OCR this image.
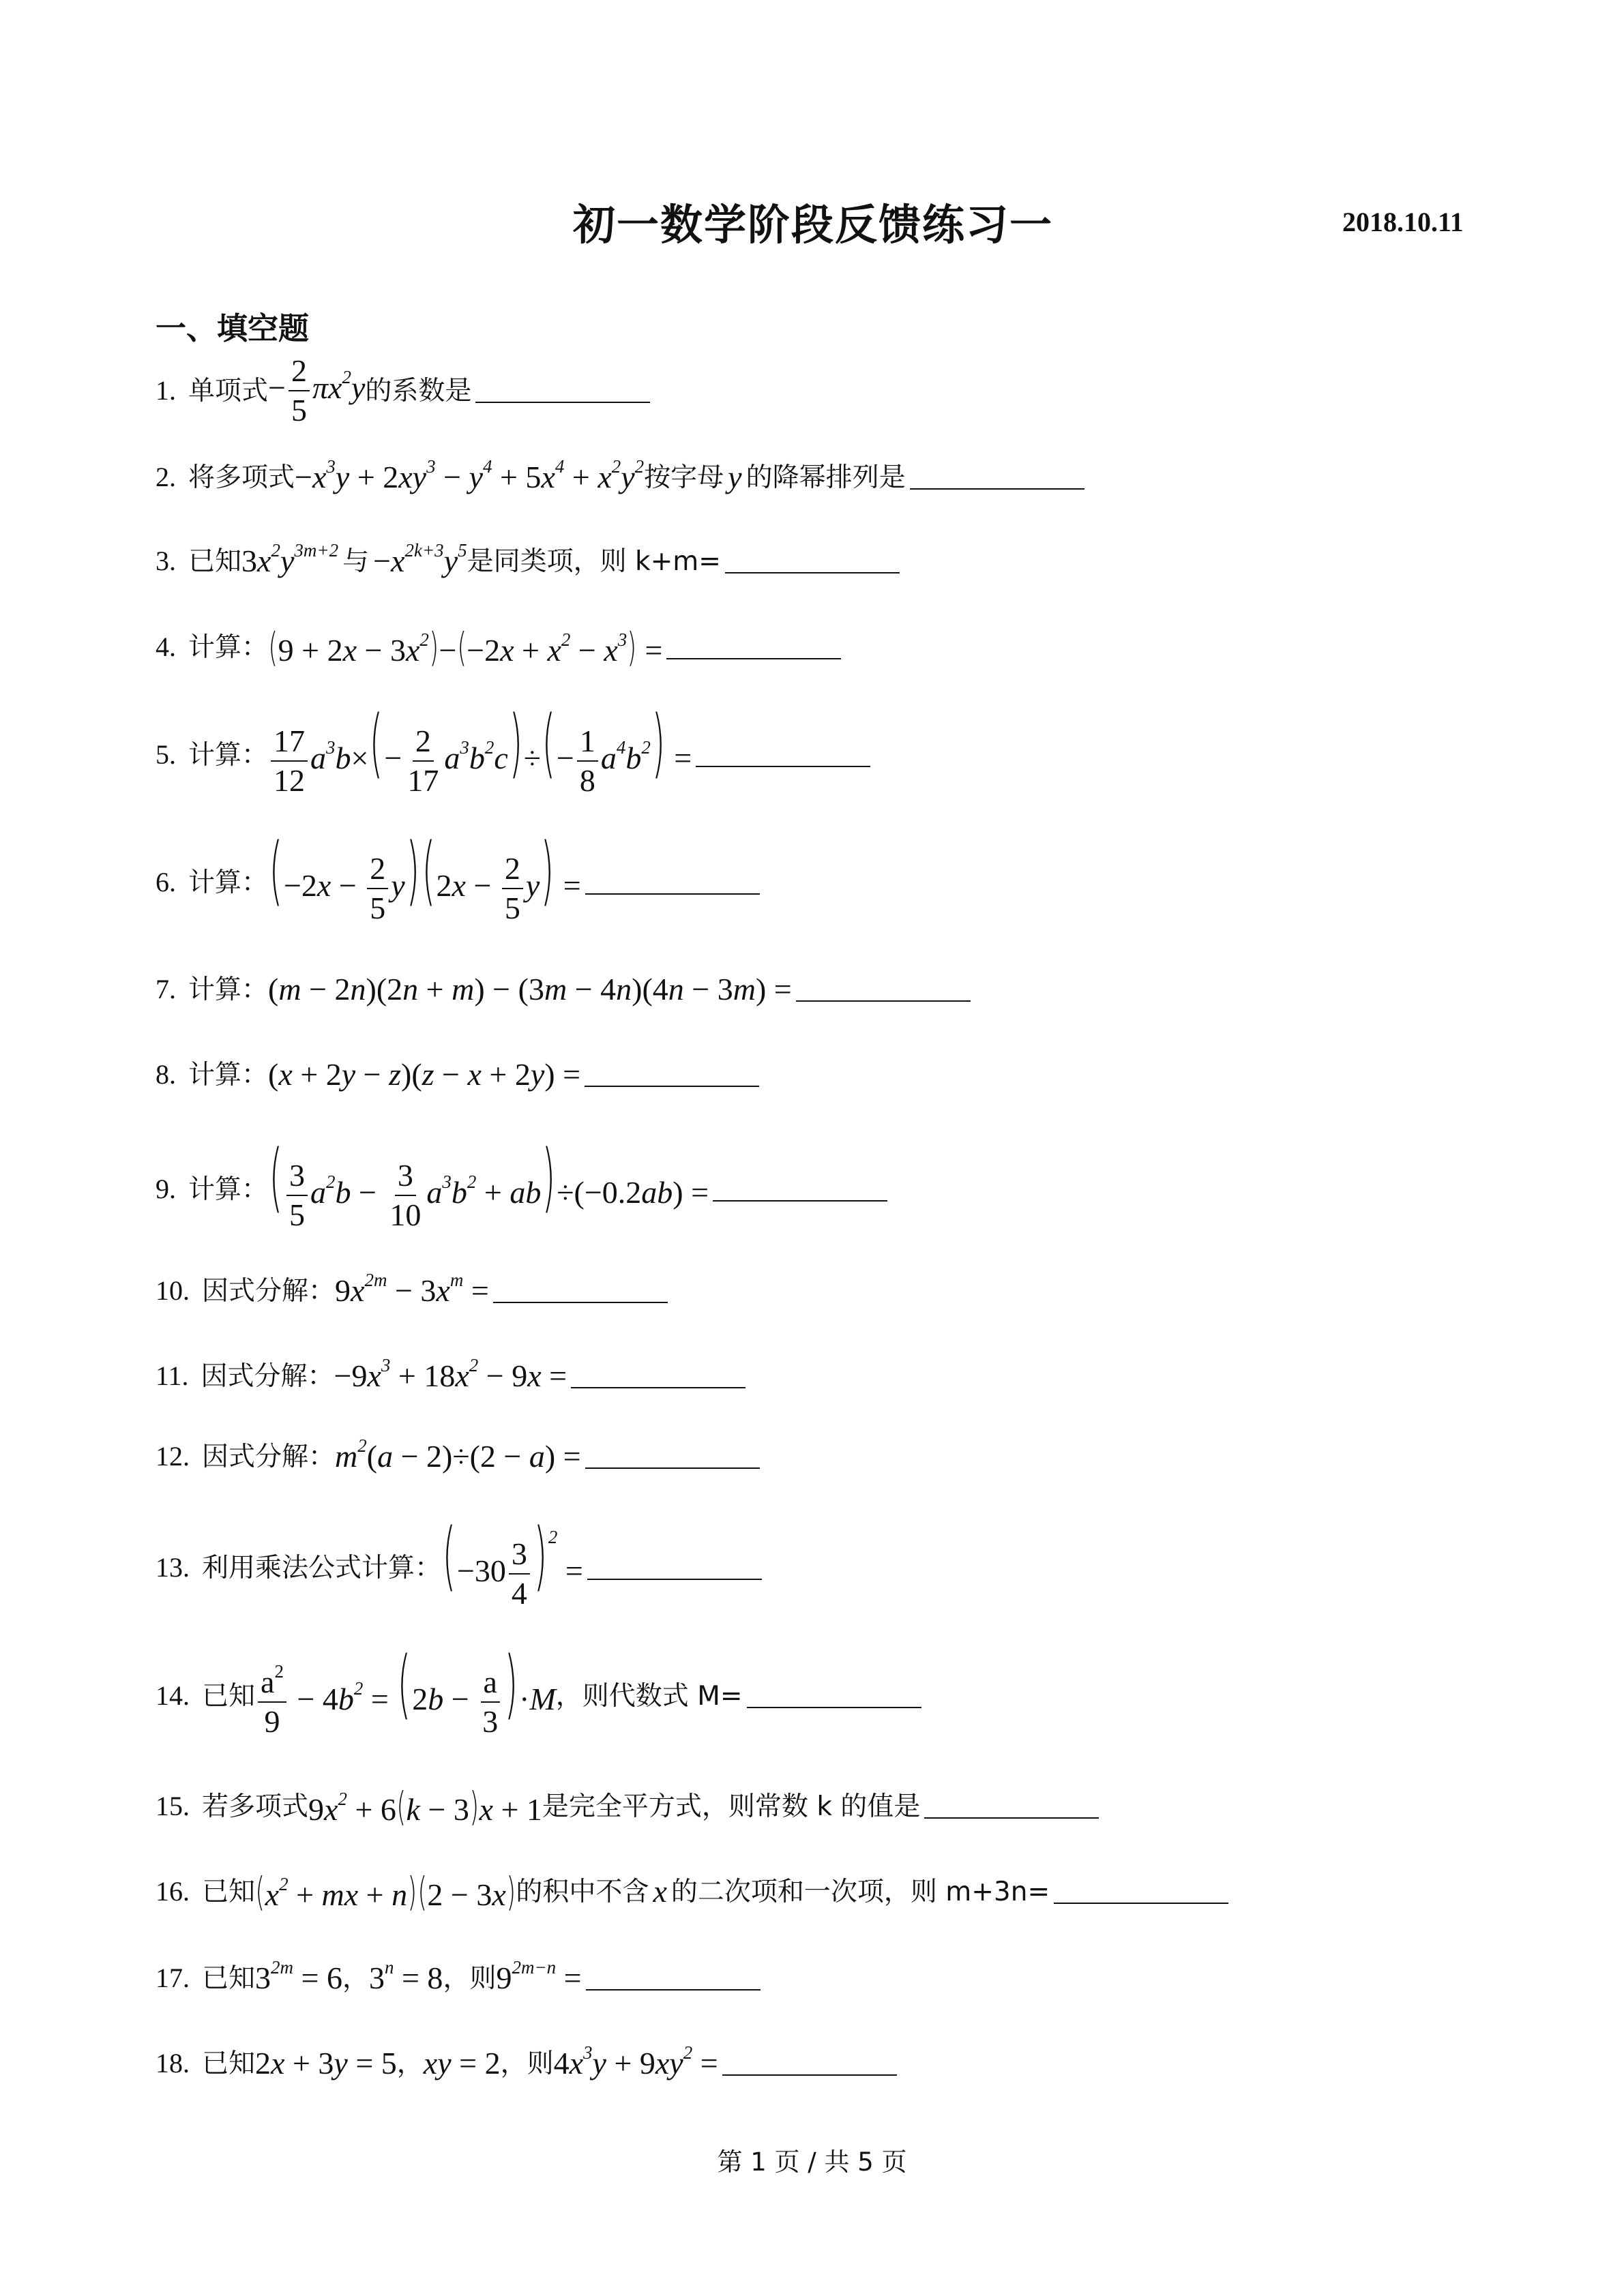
初一数学阶段反馈练习一	2018.10.11
一、填空题
1. 单项式 − $\frac{2}{5} \pi x^2y$ 的系数是
2. 将多项式 $-x^3y + 2xy^3 - y^4 + 5x^4 + x^2y^2$ 按字母 y 的降幂排列是
3. 已知 $3x^2y^{3m+2}$ 与 $-x^{2k+3}y^5$ 是同类项，则 k+m=
4. 计算： $(9 + 2x - 3x^2)-(-2x + x^2 - x^3)$ =
5. 计算： $\frac{17}{12} a^3b\times(- \frac{2}{17} a^3b^2c)\div(- \frac{1}{8} a^4b^2)$ =
6. 计算： $(-2x - \frac{2}{5} y)(2x - \frac{2}{5} y)$ =
7. 计算： (m − 2n)(2n + m) − (3m − 4n)(4n − 3m) =
8. 计算： (x + 2y − z)(z − x + 2y) =
9. 计算： ( $\frac{3}{5} a^2b - \frac{3}{10} a^3b^2 + ab)\div(-0.2ab)$ =
10. 因式分解： $9x^{2m} - 3x^m$ =
11. 因式分解： $-9x^3 + 18x^2 - 9x$ =
12. 因式分解： $m^2(a - 2)\div(2 - a)$ =
13. 利用乘法公式计算： $(-30 \frac{3}{4} )^2$ =
14. 已知 $\frac{a^2}{9} - 4b^2 = (2b - \frac{a}{3} )\cdot M$ ，则代数式 M=
15. 若多项式 $9x^2 + 6(k - 3)x + 1$ 是完全平方式，则常数 k 的值是
16. 已知 ($x^2$ + mx + n)(2 − 3x) 的积中不含 x 的二次项和一次项，则 m+3n=
17. 已知 $3^{2m} = 6$ ， $3^n = 8$ ，则 $9^{2m-n}$ =
18. 已知 2x + 3y = 5 ， xy = 2 ，则 $4x^3y + 9xy^2$ =
第 1 页 / 共 5 页
